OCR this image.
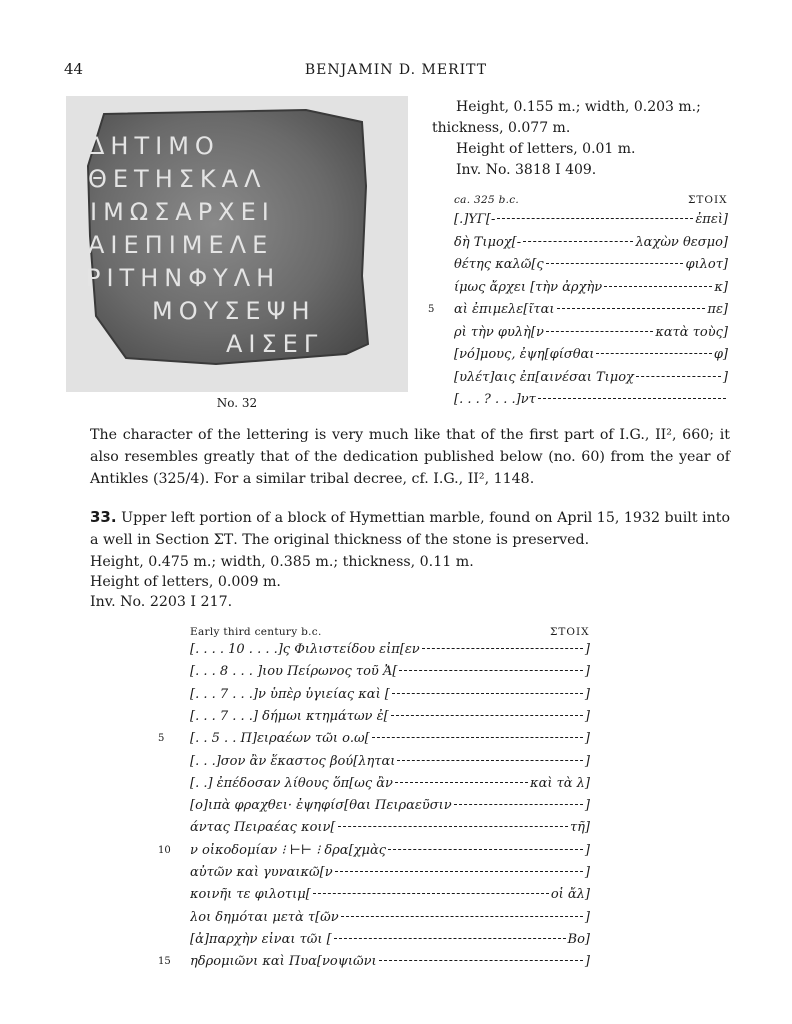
44	BENJAMIN D. MERITT
ΔΗΤΙΜΟ
ΘΕΤΗΣΚΑΛ
ΙΜΩΣΑΡΧΕΙ
ΑΙΕΠΙΜΕΛΕ
ΡΙΤΗΝΦΥΛΗ
ΜΟΥΣΕΨΗ
ΑΙΣΕΓ
No. 32
Height, 0.155 m.; width, 0.203 m.;
thickness, 0.077 m.
Height of letters, 0.01 m.
Inv. No. 3818 I 409.
ca. 325 b.c.	ΣΤΟΙΧ
[.]ΥΓ[-	ἐπεὶ]
δὴ Τιμοχ[-	λαχὼν θεσμο]
θέτης καλῶ[ς	φιλοτ]
ίμως ἄρχει [τὴν ἀρχὴν	κ]
5 αὶ ἐπιμελε[ῖται	πε]
ρὶ τὴν φυλὴ[ν	κατὰ τοὺς]
[νό]μους, ἐψη[φίσθαι	φ]
[υλέτ]αις ἐπ[αινέσαι Τιμοχ	]
[. . . ? . . .]ντ

The character of the lettering is very much like that of the first part of I.G., II², 660; it also resembles greatly that of the dedication published below (no. 60) from the year of Antikles (325/4). For a similar tribal decree, cf. I.G., II², 1148.

33. Upper left portion of a block of Hymettian marble, found on April 15, 1932 built into a well in Section ΣΤ. The original thickness of the stone is preserved.

Height, 0.475 m.; width, 0.385 m.; thickness, 0.11 m.
Height of letters, 0.009 m.
Inv. No. 2203 I 217.
Early third century b.c.	ΣΤΟΙΧ
[. . . . 10 . . . .]ς Φιλιστείδου εἶπ[εν	]
[. . . 8 . . . ]ιου Πείρωνος τοῦ Ἀ[	]
[. . . 7 . . .]ν ὑπὲρ ὑγιείας καὶ [	]
[. . . 7 . . .] δήμωι κτημάτων ἐ[	]
5 [. . 5 . . Π]ειραέων τῶι ο.ω[	]
[. . .]σον ἂν ἕκαστος βού[ληται	]
[. .] ἐπέδοσαν λίθους ὅπ[ως ἂν	καὶ τὰ λ]
[ο]ιπὰ φραχθει· ἐψηφίσ[θαι Πειραεῦσιν	]
άντας Πειραέας κοιν[	τῆ]
10 ν οἰκοδομίαν ⁝ ⊢⊢ ⁝ δρα[χμὰς	]
αὐτῶν καὶ γυναικῶ[ν	]
κοινῆι τε φιλοτιμ[	οἱ ἄλ]
λοι δημόται μετὰ τ[ῶν	]
[ἀ]παρχὴν εἶναι τῶι [	Βο]
15 ηδρομιῶνι καὶ Πυα[νοψιῶνι	]
